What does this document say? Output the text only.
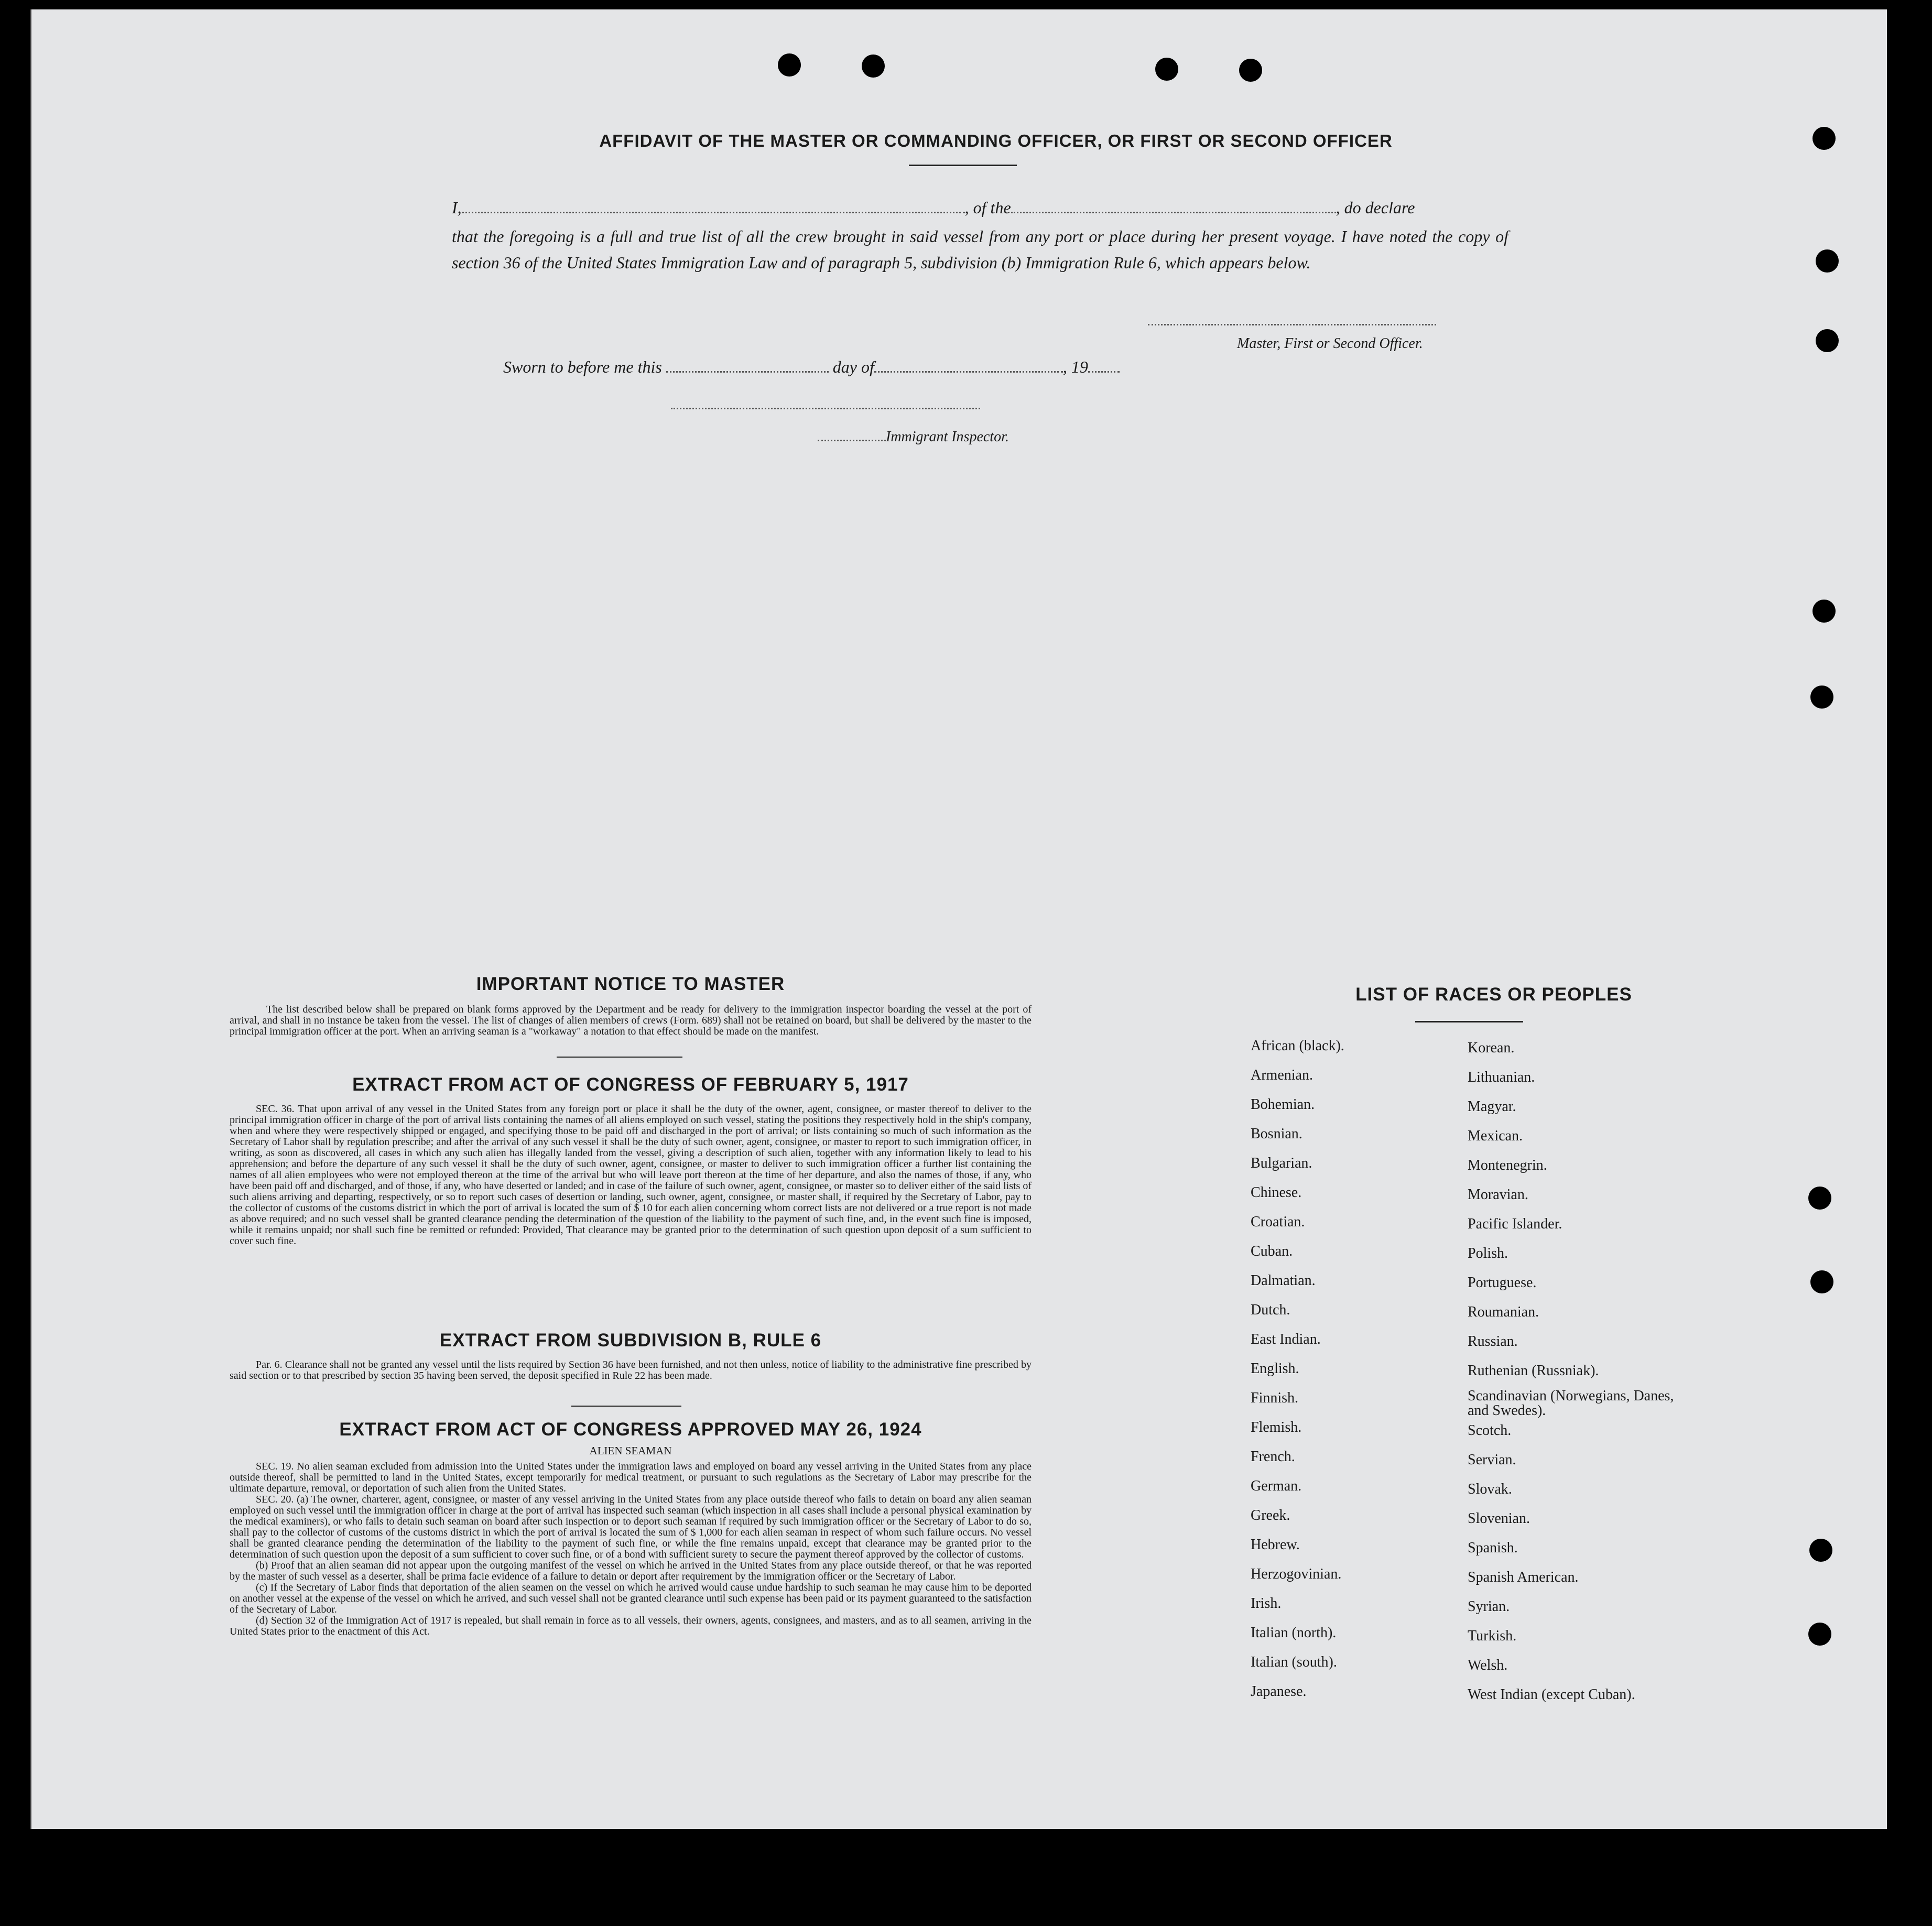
AFFIDAVIT OF THE MASTER OR COMMANDING OFFICER, OR FIRST OR SECOND OFFICER
I,	, of the	, do declare
that the foregoing is a full and true list of all the crew brought in said vessel from any port or place during her present voyage. I have noted the copy of section 36 of the United States Immigration Law and of paragraph 5, subdivision (b) Immigration Rule 6, which appears below.
Master, First or Second Officer.
Sworn to before me this	day of	, 19
Immigrant Inspector.
IMPORTANT NOTICE TO MASTER
The list described below shall be prepared on blank forms approved by the Department and be ready for delivery to the immigration inspector boarding the vessel at the port of arrival, and shall in no instance be taken from the vessel. The list of changes of alien members of crews (Form. 689) shall not be retained on board, but shall be delivered by the master to the principal immigration officer at the port. When an arriving seaman is a "workaway" a notation to that effect should be made on the manifest.
EXTRACT FROM ACT OF CONGRESS OF FEBRUARY 5, 1917
SEC. 36. That upon arrival of any vessel in the United States from any foreign port or place it shall be the duty of the owner, agent, consignee, or master thereof to deliver to the principal immigration officer in charge of the port of arrival lists containing the names of all aliens employed on such vessel, stating the positions they respectively hold in the ship's company, when and where they were respectively shipped or engaged, and specifying those to be paid off and discharged in the port of arrival; or lists containing so much of such information as the Secretary of Labor shall by regulation prescribe; and after the arrival of any such vessel it shall be the duty of such owner, agent, consignee, or master to report to such immigration officer, in writing, as soon as discovered, all cases in which any such alien has illegally landed from the vessel, giving a description of such alien, together with any information likely to lead to his apprehension; and before the departure of any such vessel it shall be the duty of such owner, agent, consignee, or master to deliver to such immigration officer a further list containing the names of all alien employees who were not employed thereon at the time of the arrival but who will leave port thereon at the time of her departure, and also the names of those, if any, who have been paid off and discharged, and of those, if any, who have deserted or landed; and in case of the failure of such owner, agent, consignee, or master so to deliver either of the said lists of such aliens arriving and departing, respectively, or so to report such cases of desertion or landing, such owner, agent, consignee, or master shall, if required by the Secretary of Labor, pay to the collector of customs of the customs district in which the port of arrival is located the sum of $ 10 for each alien concerning whom correct lists are not delivered or a true report is not made as above required; and no such vessel shall be granted clearance pending the determination of the question of the liability to the payment of such fine, and, in the event such fine is imposed, while it remains unpaid; nor shall such fine be remitted or refunded: Provided, That clearance may be granted prior to the determination of such question upon deposit of a sum sufficient to cover such fine.
EXTRACT FROM SUBDIVISION B, RULE 6
Par. 6. Clearance shall not be granted any vessel until the lists required by Section 36 have been furnished, and not then unless, notice of liability to the administrative fine prescribed by said section or to that prescribed by section 35 having been served, the deposit specified in Rule 22 has been made.
EXTRACT FROM ACT OF CONGRESS APPROVED MAY 26, 1924
ALIEN SEAMAN
SEC. 19. No alien seaman excluded from admission into the United States under the immigration laws and employed on board any vessel arriving in the United States from any place outside thereof, shall be permitted to land in the United States, except temporarily for medical treatment, or pursuant to such regulations as the Secretary of Labor may prescribe for the ultimate departure, removal, or deportation of such alien from the United States.
SEC. 20. (a) The owner, charterer, agent, consignee, or master of any vessel arriving in the United States from any place outside thereof who fails to detain on board any alien seaman employed on such vessel until the immigration officer in charge at the port of arrival has inspected such seaman (which inspection in all cases shall include a personal physical examination by the medical examiners), or who fails to detain such seaman on board after such inspection or to deport such seaman if required by such immigration officer or the Secretary of Labor to do so, shall pay to the collector of customs of the customs district in which the port of arrival is located the sum of $ 1,000 for each alien seaman in respect of whom such failure occurs. No vessel shall be granted clearance pending the determination of the liability to the payment of such fine, or while the fine remains unpaid, except that clearance may be granted prior to the determination of such question upon the deposit of a sum sufficient to cover such fine, or of a bond with sufficient surety to secure the payment thereof approved by the collector of customs.
(b) Proof that an alien seaman did not appear upon the outgoing manifest of the vessel on which he arrived in the United States from any place outside thereof, or that he was reported by the master of such vessel as a deserter, shall be prima facie evidence of a failure to detain or deport after requirement by the immigration officer or the Secretary of Labor.
(c) If the Secretary of Labor finds that deportation of the alien seamen on the vessel on which he arrived would cause undue hardship to such seaman he may cause him to be deported on another vessel at the expense of the vessel on which he arrived, and such vessel shall not be granted clearance until such expense has been paid or its payment guaranteed to the satisfaction of the Secretary of Labor.
(d) Section 32 of the Immigration Act of 1917 is repealed, but shall remain in force as to all vessels, their owners, agents, consignees, and masters, and as to all seamen, arriving in the United States prior to the enactment of this Act.
LIST OF RACES OR PEOPLES
African (black).
Armenian.
Bohemian.
Bosnian.
Bulgarian.
Chinese.
Croatian.
Cuban.
Dalmatian.
Dutch.
East Indian.
English.
Finnish.
Flemish.
French.
German.
Greek.
Hebrew.
Herzogovinian.
Irish.
Italian (north).
Italian (south).
Japanese.
Korean.
Lithuanian.
Magyar.
Mexican.
Montenegrin.
Moravian.
Pacific Islander.
Polish.
Portuguese.
Roumanian.
Russian.
Ruthenian (Russniak).
Scandinavian (Norwegians, Danes, and Swedes).
Scotch.
Servian.
Slovak.
Slovenian.
Spanish.
Spanish American.
Syrian.
Turkish.
Welsh.
West Indian (except Cuban).
